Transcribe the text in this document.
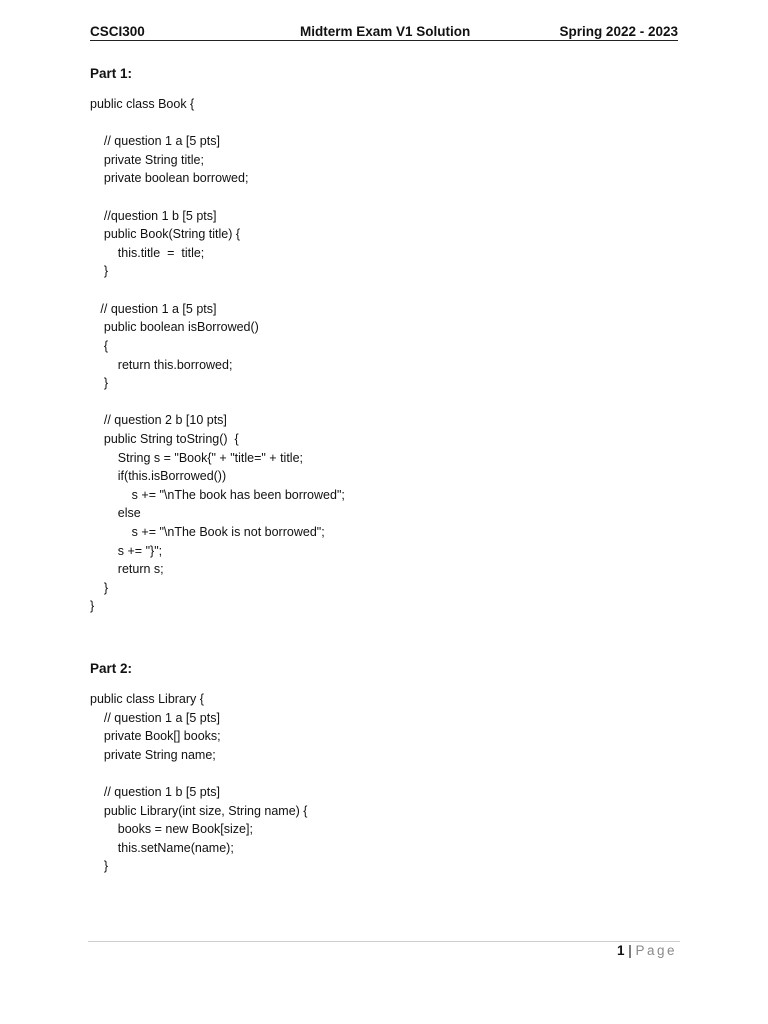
CSCI300	Midterm Exam V1 Solution	Spring 2022 - 2023
Part 1:
public class Book {
// question 1 a [5 pts]
private String title;
private boolean borrowed;
//question 1 b [5 pts]
public Book(String title) {
this.title  =  title;
}
// question 1 a [5 pts]
public boolean isBorrowed()
{
return this.borrowed;
}
// question 2 b [10 pts]
public String toString()  {
String s = "Book{" + "title=" + title;
if(this.isBorrowed())
s += "\nThe book has been borrowed";
else
s += "\nThe Book is not borrowed";
s += "}";
return s;
}
}
Part 2:
public class Library {
// question 1 a [5 pts]
private Book[] books;
private String name;
// question 1 b [5 pts]
public Library(int size, String name) {
books = new Book[size];
this.setName(name);
}
1 | Page
